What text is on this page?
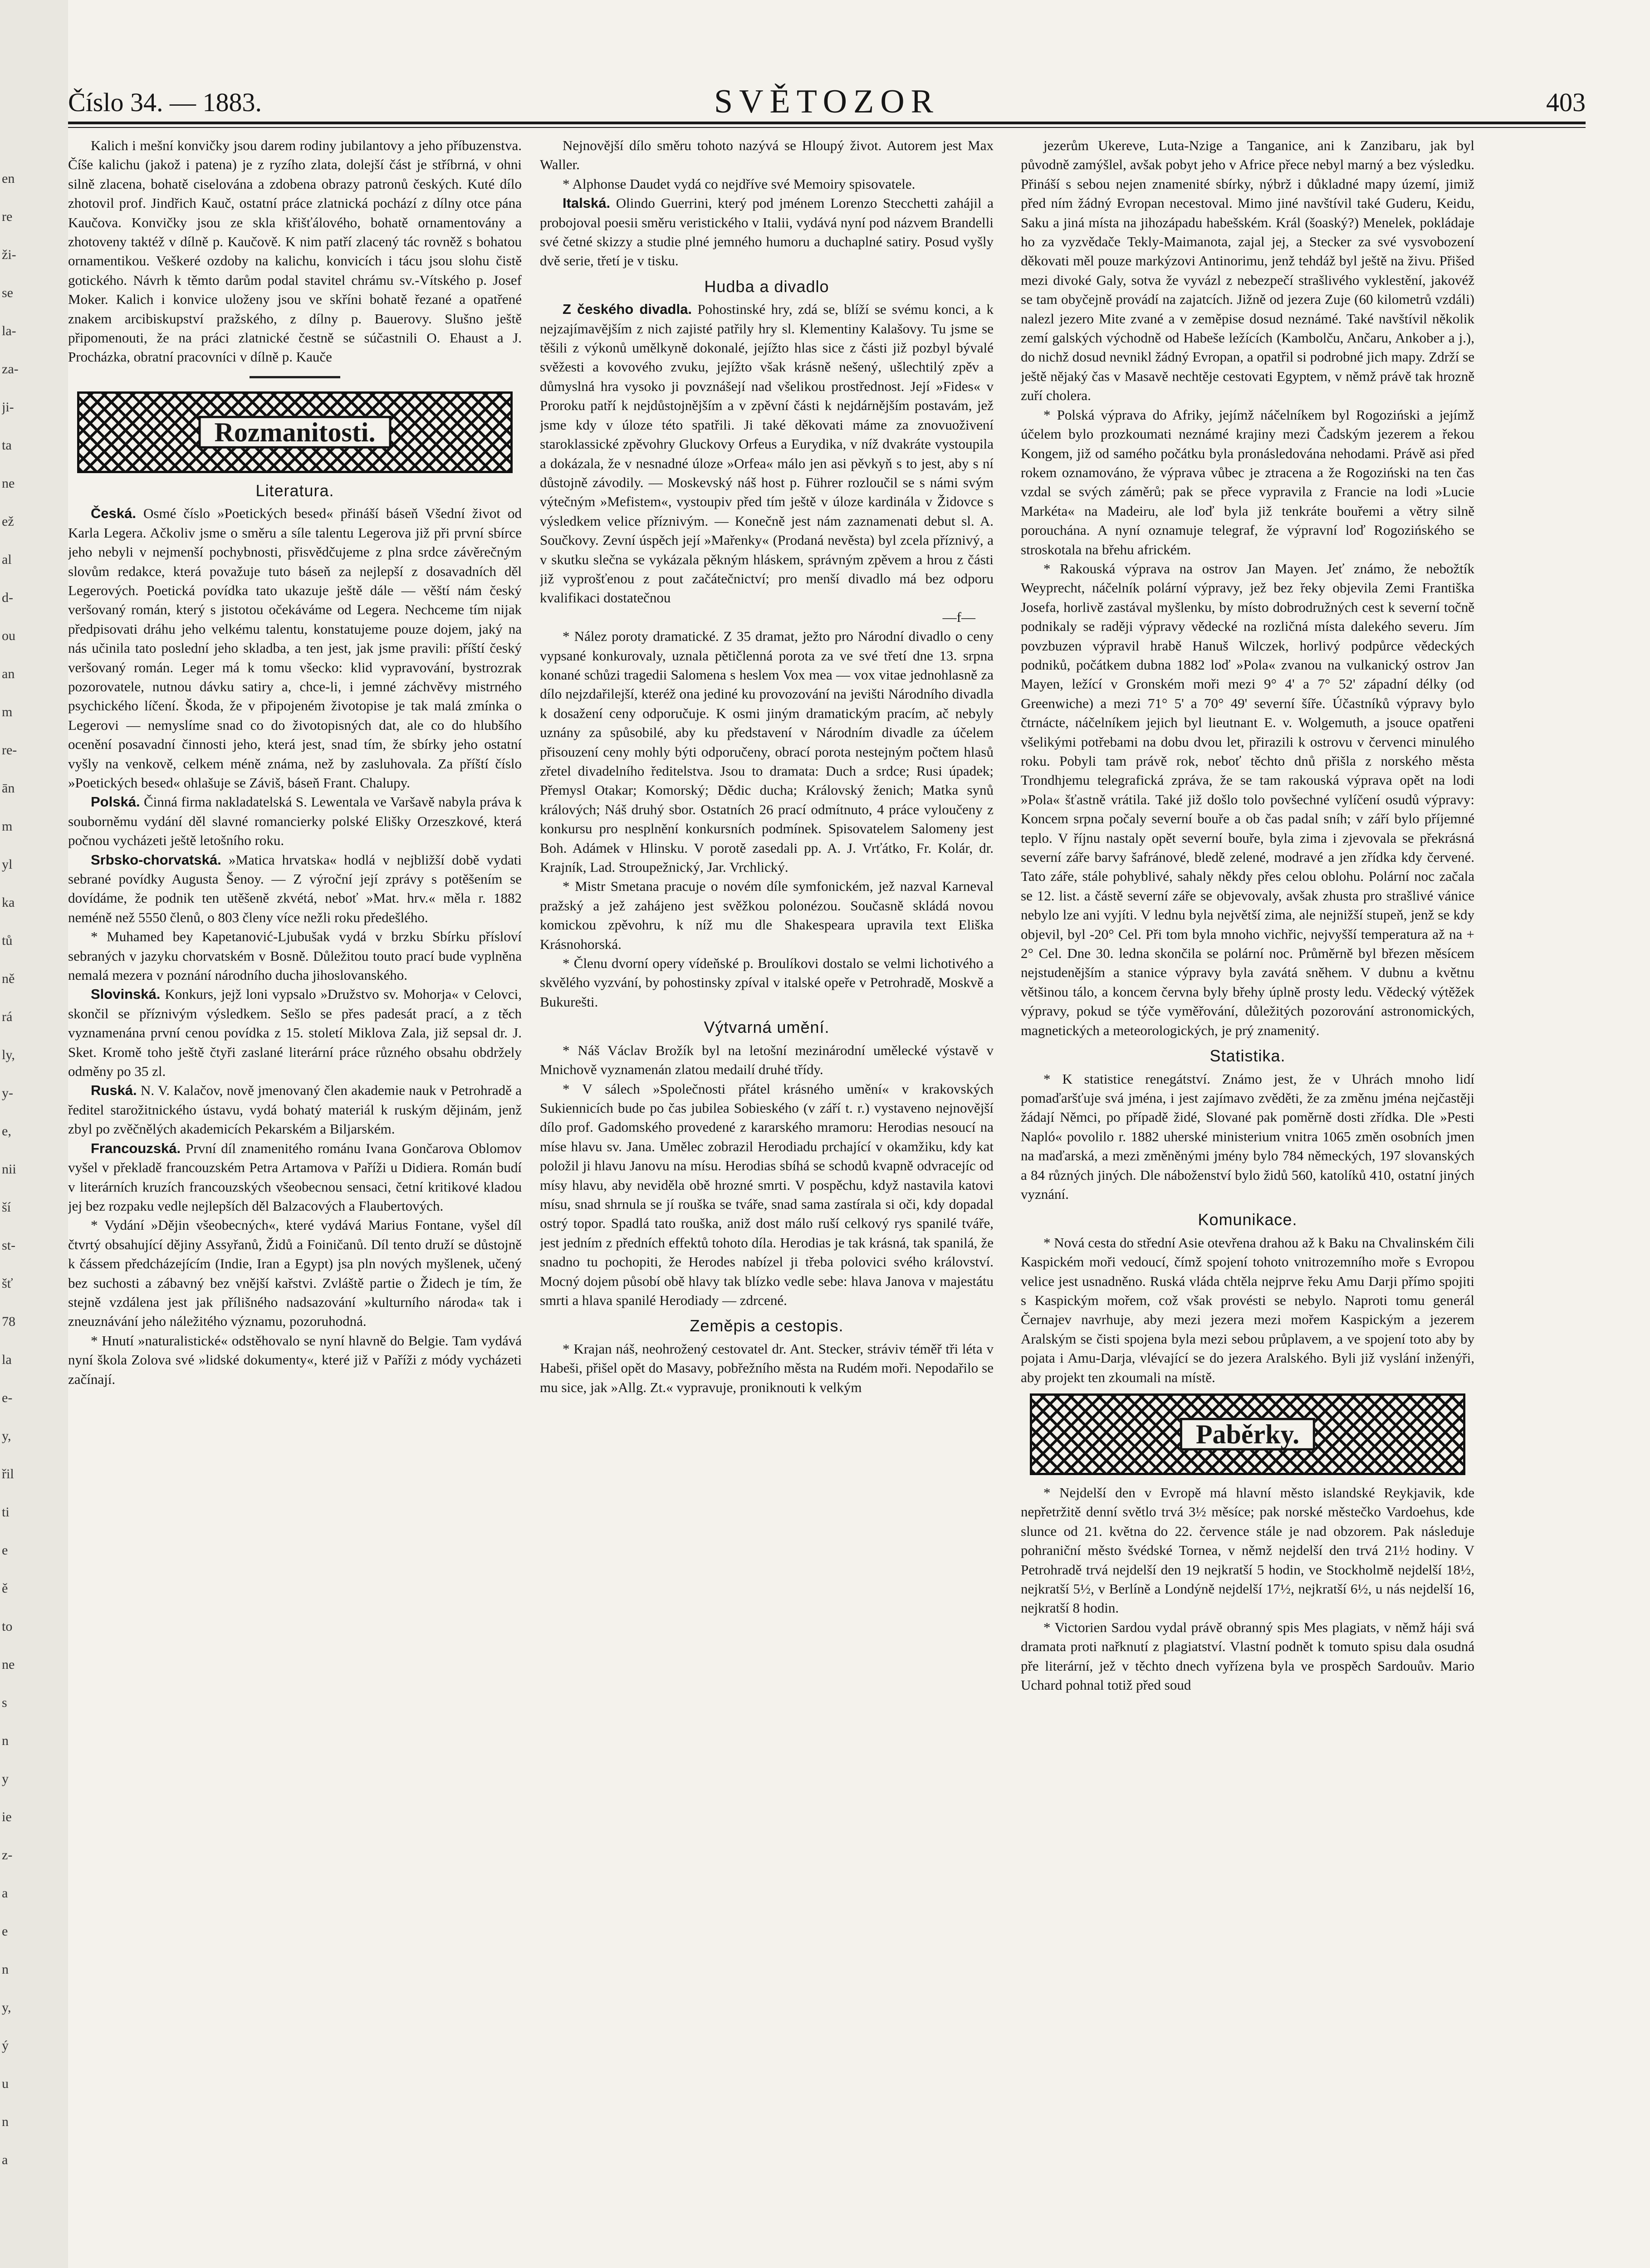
en
re
ži-
se
la-
za-
ji-
ta
ne
ež
al
d-
ou
an
m
re-
ān
m
yl
ka
tů
ně
rá
ly,
y-
e,
nii
ší
st-
šť
78
la
e-
y,
řil
ti
e
ě
to
ne
s
n
y
ie
z-
a
e
n
y,
ý
u
n
a
Číslo 34. — 1883.	SVĚTOZOR	403

Kalich i mešní konvičky jsou darem rodiny jubilantovy a jeho příbuzenstva. Číše kalichu (jakož i patena) je z ryzího zlata, dolejší část je stříbrná, v ohni silně zlacena, bohatě ciselována a zdobena obrazy patronů českých. Kuté dílo zhotovil prof. Jindřich Kauč, ostatní práce zlatnická pochází z dílny otce pána Kaučova. Konvičky jsou ze skla křišťálového, bohatě ornamentovány a zhotoveny taktéž v dílně p. Kaučově. K nim patří zlacený tác rovněž s bohatou ornamentikou. Veškeré ozdoby na kalichu, konvicích i tácu jsou slohu čistě gotického. Návrh k těmto darům podal stavitel chrámu sv.-Vítského p. Josef Moker. Kalich i konvice uloženy jsou ve skříni bohatě řezané a opatřené znakem arcibiskupství pražského, z dílny p. Bauerovy. Slušno ještě připomenouti, že na práci zlatnické čestně se súčastnili O. Ehaust a J. Procházka, obratní pracovníci v dílně p. Kauče

Rozmanitosti.
Literatura.

Česká. Osmé číslo »Poetických besed« přináší báseň Všední život od Karla Legera. Ačkoliv jsme o směru a síle talentu Legerova již při první sbírce jeho nebyli v nejmenší pochybnosti, přisvědčujeme z plna srdce závěrečným slovům redakce, která považuje tuto báseň za nejlepší z dosavadních děl Legerových. Poetická povídka tato ukazuje ještě dále — věští nám český veršovaný román, který s jistotou očekáváme od Legera. Nechceme tím nijak předpisovati dráhu jeho velkému talentu, konstatujeme pouze dojem, jaký na nás učinila tato poslední jeho skladba, a ten jest, jak jsme pravili: příští český veršovaný román. Leger má k tomu všecko: klid vypravování, bystrozrak pozorovatele, nutnou dávku satiry a, chce-li, i jemné záchvěvy mistrného psychického líčení. Škoda, že v připojeném životopise je tak malá zmínka o Legerovi — nemyslíme snad co do životopisných dat, ale co do hlubšího ocenění posavadní činnosti jeho, která jest, snad tím, že sbírky jeho ostatní vyšly na venkově, celkem méně známa, než by zasluhovala. Za příští číslo »Poetických besed« ohlašuje se Záviš, báseň Frant. Chalupy.

Polská. Činná firma nakladatelská S. Lewentala ve Varšavě nabyla práva k souborněmu vydání děl slavné romancierky polské Elišky Orzeszkové, která počnou vycházeti ještě letošního roku.

Srbsko-chorvatská. »Matica hrvatska« hodlá v nejbližší době vydati sebrané povídky Augusta Šenoy. — Z výroční její zprávy s potěšením se dovídáme, že podnik ten utěšeně zkvétá, neboť »Mat. hrv.« měla r. 1882 neméně než 5550 členů, o 803 členy více nežli roku předešlého.

* Muhamed bey Kapetanović-Ljubušak vydá v brzku Sbírku přísloví sebraných v jazyku chorvatském v Bosně. Důležitou touto prací bude vyplněna nemalá mezera v poznání národního ducha jihoslovanského.

Slovinská. Konkurs, jejž loni vypsalo »Družstvo sv. Mohorja« v Celovci, skončil se příznivým výsledkem. Sešlo se přes padesát prací, a z těch vyznamenána první cenou povídka z 15. století Miklova Zala, již sepsal dr. J. Sket. Kromě toho ještě čtyři zaslané literární práce různého obsahu obdržely odměny po 35 zl.

Ruská. N. V. Kalačov, nově jmenovaný člen akademie nauk v Petrohradě a ředitel starožitnického ústavu, vydá bohatý materiál k ruským dějinám, jenž zbyl po zvěčnělých akademicích Pekarském a Biljarském.

Francouzská. První díl znamenitého románu Ivana Gončarova Oblomov vyšel v překladě francouzském Petra Artamova v Paříži u Didiera. Román budí v literárních kruzích francouzských všeobecnou sensaci, četní kritikové kladou jej bez rozpaku vedle nejlepších děl Balzacových a Flaubertových.

* Vydání »Dějin všeobecných«, které vydává Marius Fontane, vyšel díl čtvrtý obsahující dějiny Assyřanů, Židů a Foiničanů. Díl tento druží se důstojně k čássem předcházejícím (Indie, Iran a Egypt) jsa pln nových myšlenek, učený bez suchosti a zábavný bez vnější kařstvi. Zvláště partie o Židech je tím, že stejně vzdálena jest jak přílišného nadsazování »kulturního národa« tak i zneuznávání jeho náležitého významu, pozoruhodná.

* Hnutí »naturalistické« odstěhovalo se nyní hlavně do Belgie. Tam vydává nyní škola Zolova své »lidské dokumenty«, které již v Paříži z módy vycházeti začínají.

Nejnovější dílo směru tohoto nazývá se Hloupý život. Autorem jest Max Waller.

* Alphonse Daudet vydá co nejdříve své Memoiry spisovatele.

Italská. Olindo Guerrini, který pod jménem Lorenzo Stecchetti zahájil a probojoval poesii směru veristického v Italii, vydává nyní pod názvem Brandelli své četné skizzy a studie plné jemného humoru a duchaplné satiry. Posud vyšly dvě serie, třetí je v tisku.

Hudba a divadlo

Z českého divadla. Pohostinské hry, zdá se, blíží se svému konci, a k nejzajímavějším z nich zajisté patřily hry sl. Klementiny Kalašovy. Tu jsme se těšili z výkonů umělkyně dokonalé, jejížto hlas sice z části již pozbyl bývalé svěžesti a kovového zvuku, jejížto však krásně nešený, ušlechtilý zpěv a důmyslná hra vysoko ji povznášejí nad všelikou prostřednost. Její »Fides« v Proroku patří k nejdůstojnějším a v zpěvní části k nejdárnějším postavám, jež jsme kdy v úloze této spatřili. Ji také děkovati máme za znovuoživení staroklassické zpěvohry Gluckovy Orfeus a Eurydika, v níž dvakráte vystoupila a dokázala, že v nesnadné úloze »Orfea« málo jen asi pěvkyň s to jest, aby s ní důstojně závodily. — Moskevský náš host p. Führer rozloučil se s námi svým výtečným »Mefistem«, vystoupiv před tím ještě v úloze kardinála v Židovce s výsledkem velice příznivým. — Konečně jest nám zaznamenati debut sl. A. Součkovy. Zevní úspěch její »Mařenky« (Prodaná nevěsta) byl zcela příznivý, a v skutku slečna se vykázala pěkným hláskem, správným zpěvem a hrou z části již vyprošťenou z pout začátečnictví; pro menší divadlo má bez odporu kvalifikaci dostatečnou

—f—

* Nález poroty dramatické. Z 35 dramat, ježto pro Národní divadlo o ceny vypsané konkurovaly, uznala pětičlenná porota za ve své třetí dne 13. srpna konané schůzi tragedii Salomena s heslem Vox mea — vox vitae jednohlasně za dílo nejzdařilejší, kteréž ona jediné ku provozování na jevišti Národního divadla k dosažení ceny odporučuje. K osmi jiným dramatickým pracím, ač nebyly uznány za spůsobilé, aby ku představení v Národním divadle za účelem přisouzení ceny mohly býti odporučeny, obrací porota nestejným počtem hlasů zřetel divadelního ředitelstva. Jsou to dramata: Duch a srdce; Rusi úpadek; Přemysl Otakar; Komorský; Dědic ducha; Královský ženich; Matka synů králových; Náš druhý sbor. Ostatních 26 prací odmítnuto, 4 práce vyloučeny z konkursu pro nesplnění konkursních podmínek. Spisovatelem Salomeny jest Boh. Adámek v Hlinsku. V porotě zasedali pp. A. J. Vrťátko, Fr. Kolár, dr. Krajník, Lad. Stroupežnický, Jar. Vrchlický.

* Mistr Smetana pracuje o novém díle symfonickém, jež nazval Karneval pražský a jež zahájeno jest svěžkou polonézou. Současně skládá novou komickou zpěvohru, k níž mu dle Shakespeara upravila text Eliška Krásnohorská.

* Členu dvorní opery vídeňské p. Broulíkovi dostalo se velmi lichotivého a skvělého vyzvání, by pohostinsky zpíval v italské opeře v Petrohradě, Moskvě a Bukurešti.

Výtvarná umění.

* Náš Václav Brožík byl na letošní mezinárodní umělecké výstavě v Mnichově vyznamenán zlatou medailí druhé třídy.

* V sálech »Společnosti přátel krásného umění« v krakovských Sukiennicích bude po čas jubilea Sobieského (v září t. r.) vystaveno nejnovější dílo prof. Gadomského provedené z kararského mramoru: Herodias nesoucí na míse hlavu sv. Jana. Umělec zobrazil Herodiadu prchající v okamžiku, kdy kat položil ji hlavu Janovu na mísu. Herodias sbíhá se schodů kvapně odvracejíc od mísy hlavu, aby neviděla obě hrozné smrti. V pospěchu, když nastavila katovi mísu, snad shrnula se jí rouška se tváře, snad sama zastírala si oči, kdy dopadal ostrý topor. Spadlá tato rouška, aniž dost málo ruší celkový rys spanilé tváře, jest jedním z předních effektů tohoto díla. Herodias je tak krásná, tak spanilá, že snadno tu pochopiti, že Herodes nabízel ji třeba polovici svého království. Mocný dojem působí obě hlavy tak blízko vedle sebe: hlava Janova v majestátu smrti a hlava spanilé Herodiady — zdrcené.

Zeměpis a cestopis.

* Krajan náš, neohrožený cestovatel dr. Ant. Stecker, stráviv téměř tři léta v Habeši, přišel opět do Masavy, pobřežního města na Rudém moři. Nepodařilo se mu sice, jak »Allg. Zt.« vypravuje, proniknouti k velkým

jezerům Ukereve, Luta-Nzige a Tanganice, ani k Zanzibaru, jak byl původně zamýšlel, avšak pobyt jeho v Africe přece nebyl marný a bez výsledku. Přináší s sebou nejen znamenité sbírky, nýbrž i důkladné mapy území, jimiž před ním žádný Evropan necestoval. Mimo jiné navštívil také Guderu, Keidu, Saku a jiná místa na jihozápadu habešském. Král (šoaský?) Menelek, pokládaje ho za vyzvědače Tekly-Maimanota, zajal jej, a Stecker za své vysvobození děkovati měl pouze markýzovi Antinorimu, jenž tehdáž byl ještě na živu. Přišed mezi divoké Galy, sotva že vyvázl z nebezpečí strašlivého vyklestění, jakovéž se tam obyčejně provádí na zajatcích. Jižně od jezera Zuje (60 kilometrů vzdáli) nalezl jezero Mite zvané a v zeměpise dosud neznámé. Také navštívil několik zemí galských východně od Habeše ležících (Kambolču, Ančaru, Ankober a j.), do nichž dosud nevnikl žádný Evropan, a opatřil si podrobné jich mapy. Zdrží se ještě nějaký čas v Masavě nechtěje cestovati Egyptem, v němž právě tak hrozně zuří cholera.

* Polská výprava do Afriky, jejímž náčelníkem byl Rogoziński a jejímž účelem bylo prozkoumati neznámé krajiny mezi Čadským jezerem a řekou Kongem, již od samého počátku byla pronásledována nehodami. Právě asi před rokem oznamováno, že výprava vůbec je ztracena a že Rogoziński na ten čas vzdal se svých záměrů; pak se přece vypravila z Francie na lodi »Lucie Markéta« na Madeiru, ale loď byla již tenkráte bouřemi a větry silně porouchána. A nyní oznamuje telegraf, že výpravní loď Rogozińského se stroskotala na břehu africkém.

* Rakouská výprava na ostrov Jan Mayen. Jeť známo, že nebožtík Weyprecht, náčelník polární výpravy, jež bez řeky objevila Zemi Františka Josefa, horlivě zastával myšlenku, by místo dobrodružných cest k severní točně podnikaly se raději výpravy vědecké na rozličná místa dalekého severu. Jím povzbuzen výpravil hrabě Hanuš Wilczek, horlivý podpůrce vědeckých podniků, počátkem dubna 1882 loď »Pola« zvanou na vulkanický ostrov Jan Mayen, ležící v Gronském moři mezi 9° 4' a 7° 52' západní délky (od Greenwiche) a mezi 71° 5' a 70° 49' severní šíře. Účastníků výpravy bylo čtrnácte, náčelníkem jejich byl lieutnant E. v. Wolgemuth, a jsouce opatřeni všelikými potřebami na dobu dvou let, přirazili k ostrovu v červenci minulého roku. Pobyli tam právě rok, neboť těchto dnů přišla z norského města Trondhjemu telegrafická zpráva, že se tam rakouská výprava opět na lodi »Pola« šťastně vrátila. Také již došlo tolo povšechné vylíčení osudů výpravy: Koncem srpna počaly severní bouře a ob čas padal sníh; v září bylo příjemné teplo. V říjnu nastaly opět severní bouře, byla zima i zjevovala se překrásná severní záře barvy šafránové, bledě zelené, modravé a jen zřídka kdy červené. Tato záře, stále pohyblivé, sahaly někdy přes celou oblohu. Polární noc začala se 12. list. a částě severní záře se objevovaly, avšak zhusta pro strašlivé vánice nebylo lze ani vyjíti. V lednu byla největší zima, ale nejnižší stupeň, jenž se kdy objevil, byl -20° Cel. Při tom byla mnoho vichřic, nejvyšší temperatura až na + 2° Cel. Dne 30. ledna skončila se polární noc. Průměrně byl březen měsícem nejstudenějším a stanice výpravy byla zavátá sněhem. V dubnu a květnu většinou tálo, a koncem června byly břehy úplně prosty ledu. Vědecký výtěžek výpravy, pokud se týče vyměřování, důležitých pozorování astronomických, magnetických a meteorologických, je prý znamenitý.

Statistika.

* K statistice renegátství. Známo jest, že v Uhrách mnoho lidí pomaďaršťuje svá jména, i jest zajímavo zvěděti, že za změnu jména nejčastěji žádají Němci, po případě židé, Slované pak poměrně dosti zřídka. Dle »Pesti Napló« povolilo r. 1882 uherské ministerium vnitra 1065 změn osobních jmen na maďarská, a mezi změněnými jmény bylo 784 německých, 197 slovanských a 84 různých jiných. Dle náboženství bylo židů 560, katolíků 410, ostatní jiných vyznání.

Komunikace.

* Nová cesta do střední Asie otevřena drahou až k Baku na Chvalinském čili Kaspickém moři vedoucí, čímž spojení tohoto vnitrozemního moře s Evropou velice jest usnadněno. Ruská vláda chtěla nejprve řeku Amu Darji přímo spojiti s Kaspickým mořem, což však provésti se nebylo. Naproti tomu generál Černajev navrhuje, aby mezi jezera mezi mořem Kaspickým a jezerem Aralským se čisti spojena byla mezi sebou průplavem, a ve spojení toto aby by pojata i Amu-Darja, vlévající se do jezera Aralského. Byli již vyslání inženýři, aby projekt ten zkoumali na místě.

Paběrky.

* Nejdelší den v Evropě má hlavní město islandské Reykjavik, kde nepřetržitě denní světlo trvá 3½ měsíce; pak norské městečko Vardoehus, kde slunce od 21. května do 22. července stále je nad obzorem. Pak následuje pohraniční město švédské Tornea, v němž nejdelší den trvá 21½ hodiny. V Petrohradě trvá nejdelší den 19 nejkratší 5 hodin, ve Stockholmě nejdelší 18½, nejkratší 5½, v Berlíně a Londýně nejdelší 17½, nejkratší 6½, u nás nejdelší 16, nejkratší 8 hodin.

* Victorien Sardou vydal právě obranný spis Mes plagiats, v němž háji svá dramata proti nařknutí z plagiatství. Vlastní podnět k tomuto spisu dala osudná pře literární, jež v těchto dnech vyřízena byla ve prospěch Sardouův. Mario Uchard pohnal totiž před soud
